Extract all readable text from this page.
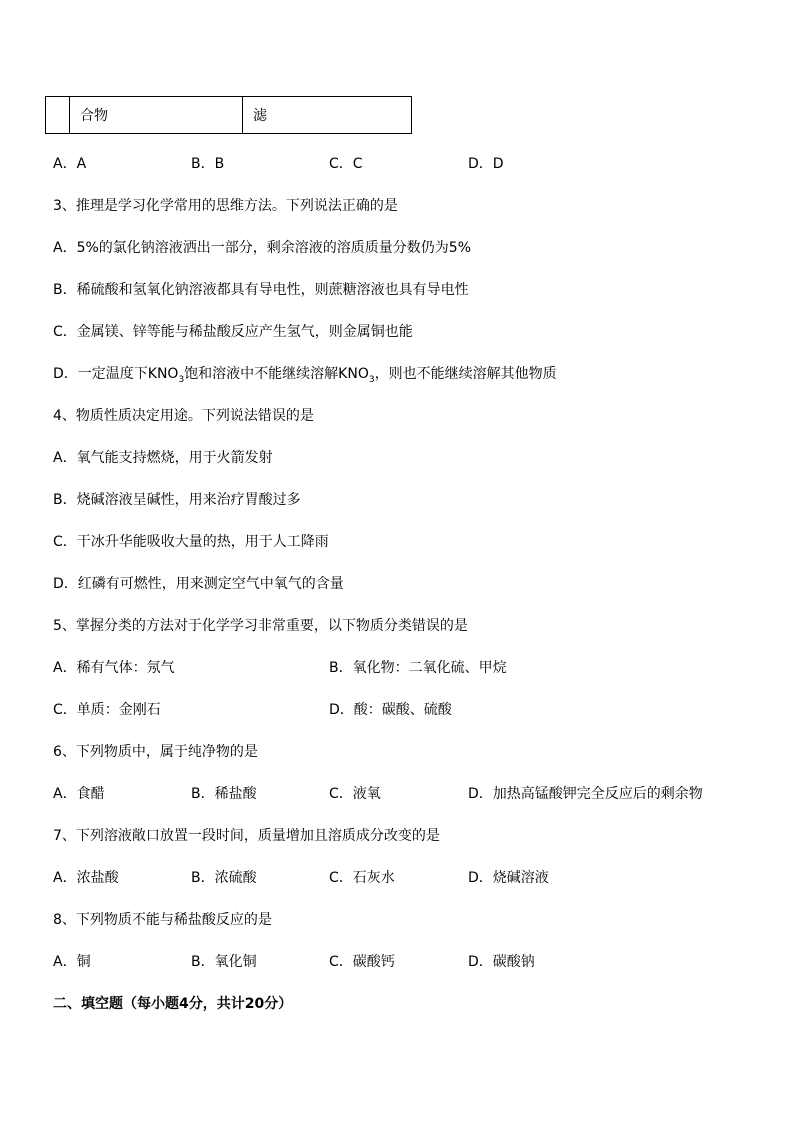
	合物	滤
A．A	B．B	C．C	D．D
3、推理是学习化学常用的思维方法。下列说法正确的是
A．5%的氯化钠溶液洒出一部分，剩余溶液的溶质质量分数仍为5%
B．稀硫酸和氢氧化钠溶液都具有导电性，则蔗糖溶液也具有导电性
C．金属镁、锌等能与稀盐酸反应产生氢气，则金属铜也能
D．一定温度下$KNO_3$饱和溶液中不能继续溶解$KNO_3$，则也不能继续溶解其他物质
4、物质性质决定用途。下列说法错误的是
A．氧气能支持燃烧，用于火箭发射
B．烧碱溶液呈碱性，用来治疗胃酸过多
C．干冰升华能吸收大量的热，用于人工降雨
D．红磷有可燃性，用来测定空气中氧气的含量
5、掌握分类的方法对于化学学习非常重要，以下物质分类错误的是
A．稀有气体：氖气	B．氧化物：二氧化硫、甲烷
C．单质：金刚石	D．酸：碳酸、硫酸
6、下列物质中，属于纯净物的是
A．食醋	B．稀盐酸	C．液氧	D．加热高锰酸钾完全反应后的剩余物
7、下列溶液敞口放置一段时间，质量增加且溶质成分改变的是
A．浓盐酸	B．浓硫酸	C．石灰水	D．烧碱溶液
8、下列物质不能与稀盐酸反应的是
A．铜	B．氧化铜	C．碳酸钙	D．碳酸钠
二、填空题（每小题4分，共计20分）
